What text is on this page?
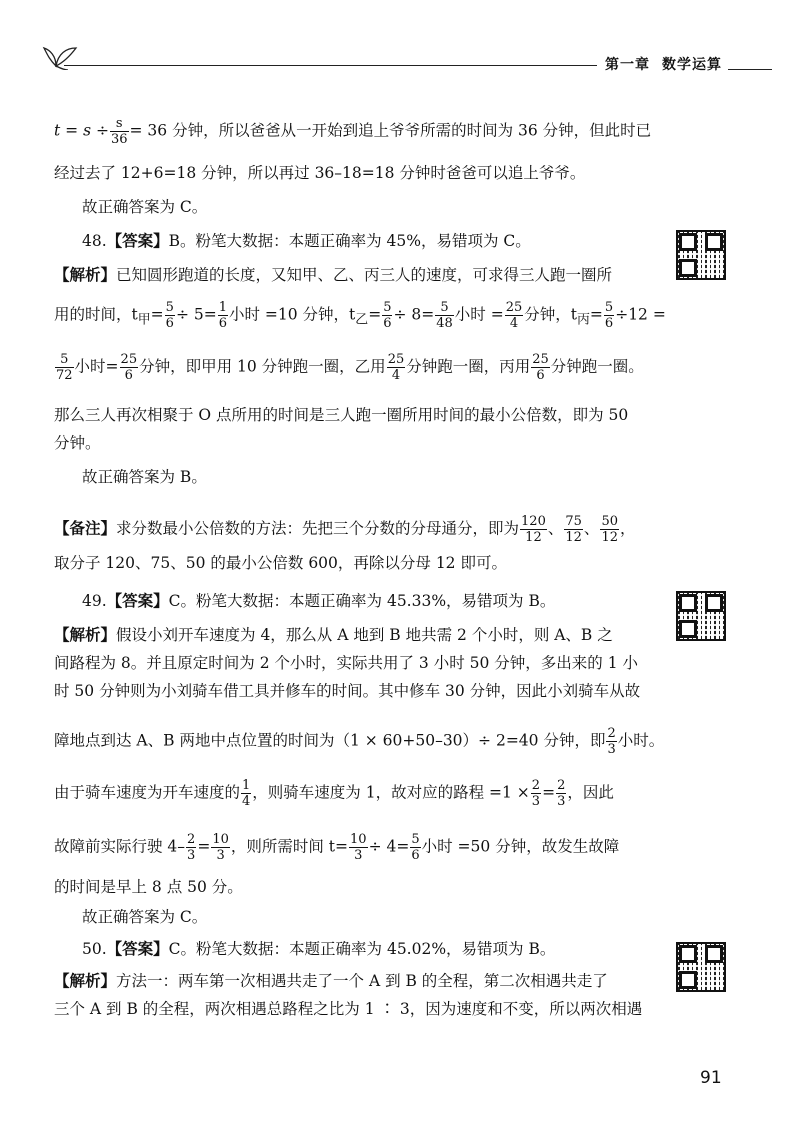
第一章 数学运算
$t = s \div \frac{s}{36} = 36$ 分钟，所以爸爸从一开始到追上爷爷所需的时间为 36 分钟，但此时已
经过去了 12+6=18 分钟，所以再过 36–18=18 分钟时爸爸可以追上爷爷。
故正确答案为 C。
48.【答案】B。粉笔大数据：本题正确率为 45%，易错项为 C。
【解析】已知圆形跑道的长度，又知甲、乙、丙三人的速度，可求得三人跑一圈所
用的时间，$t_甲= \frac{5}{6} \div 5= \frac{1}{6}$ 小时 =10 分钟，$t_乙= \frac{5}{6} \div 8= \frac{5}{48}$ 小时 = $\frac{25}{4}$ 分钟，$t_丙= \frac{5}{6} \div 12$ =
$\frac{5}{72}$ 小时= $\frac{25}{6}$ 分钟，即甲用 10 分钟跑一圈，乙用 $\frac{25}{4}$ 分钟跑一圈，丙用 $\frac{25}{6}$ 分钟跑一圈。
那么三人再次相聚于 O 点所用的时间是三人跑一圈所用时间的最小公倍数，即为 50
分钟。
故正确答案为 B。
【备注】求分数最小公倍数的方法：先把三个分数的分母通分，即为 $\frac{120}{12}$ 、 $\frac{75}{12}$ 、 $\frac{50}{12}$ ，
取分子 120、75、50 的最小公倍数 600，再除以分母 12 即可。
49.【答案】C。粉笔大数据：本题正确率为 45.33%，易错项为 B。
【解析】假设小刘开车速度为 4，那么从 A 地到 B 地共需 2 个小时，则 A、B 之
间路程为 8。并且原定时间为 2 个小时，实际共用了 3 小时 50 分钟，多出来的 1 小
时 50 分钟则为小刘骑车借工具并修车的时间。其中修车 30 分钟，因此小刘骑车从故
障地点到达 A、B 两地中点位置的时间为（1 × 60+50–30）÷ 2=40 分钟，即 $\frac{2}{3}$ 小时。
由于骑车速度为开车速度的 $\frac{1}{4}$ ，则骑车速度为 1，故对应的路程 $=1 \times \frac{2}{3} = \frac{2}{3}$ ，因此
故障前实际行驶 $4- \frac{2}{3} = \frac{10}{3}$ ，则所需时间 $t= \frac{10}{3} \div 4= \frac{5}{6}$ 小时 =50 分钟，故发生故障
的时间是早上 8 点 50 分。
故正确答案为 C。
50.【答案】C。粉笔大数据：本题正确率为 45.02%，易错项为 B。
【解析】方法一：两车第一次相遇共走了一个 A 到 B 的全程，第二次相遇共走了
三个 A 到 B 的全程，两次相遇总路程之比为 1 ∶ 3，因为速度和不变，所以两次相遇
91
